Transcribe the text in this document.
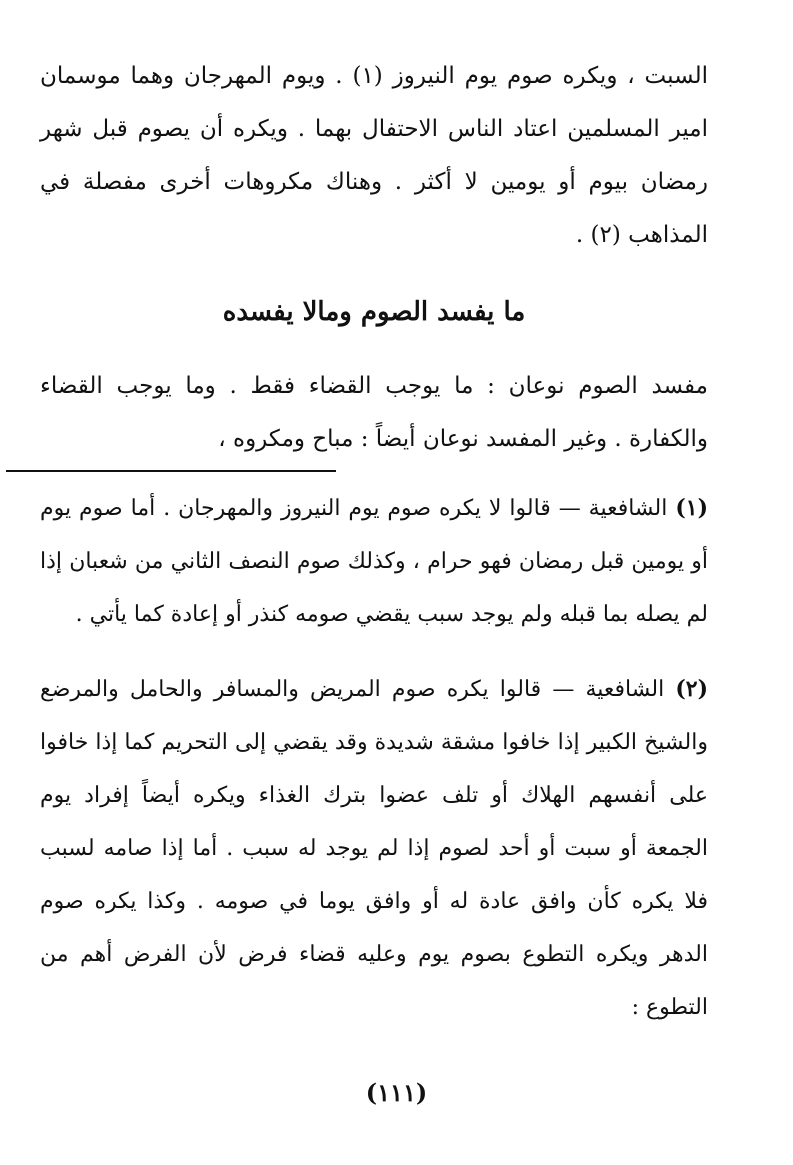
السبت ، ويكره صوم يوم النيروز (١) . ويوم المهرجان وهما موسمان امير المسلمين اعتاد الناس الاحتفال بهما . ويكره أن يصوم قبل شهر رمضان بيوم أو يومين لا أكثر . وهناك مكروهات أخرى مفصلة في المذاهب (٢) .

ما يفسد الصوم ومالا يفسده

مفسد الصوم نوعان : ما يوجب القضاء فقط . وما يوجب القضاء والكفارة . وغير المفسد نوعان أيضاً : مباح ومكروه ،

(١) الشافعية — قالوا لا يكره صوم يوم النيروز والمهرجان . أما صوم يوم أو يومين قبل رمضان فهو حرام ، وكذلك صوم النصف الثاني من شعبان إذا لم يصله بما قبله ولم يوجد سبب يقضي صومه كنذر أو إعادة كما يأتي .

(٢) الشافعية — قالوا يكره صوم المريض والمسافر والحامل والمرضع والشيخ الكبير إذا خافوا مشقة شديدة وقد يقضي إلى التحريم كما إذا خافوا على أنفسهم الهلاك أو تلف عضوا بترك الغذاء ويكره أيضاً إفراد يوم الجمعة أو سبت أو أحد لصوم إذا لم يوجد له سبب . أما إذا صامه لسبب فلا يكره كأن وافق عادة له أو وافق يوما في صومه . وكذا يكره صوم الدهر ويكره التطوع بصوم يوم وعليه قضاء فرض لأن الفرض أهم من التطوع :

(١١١)
